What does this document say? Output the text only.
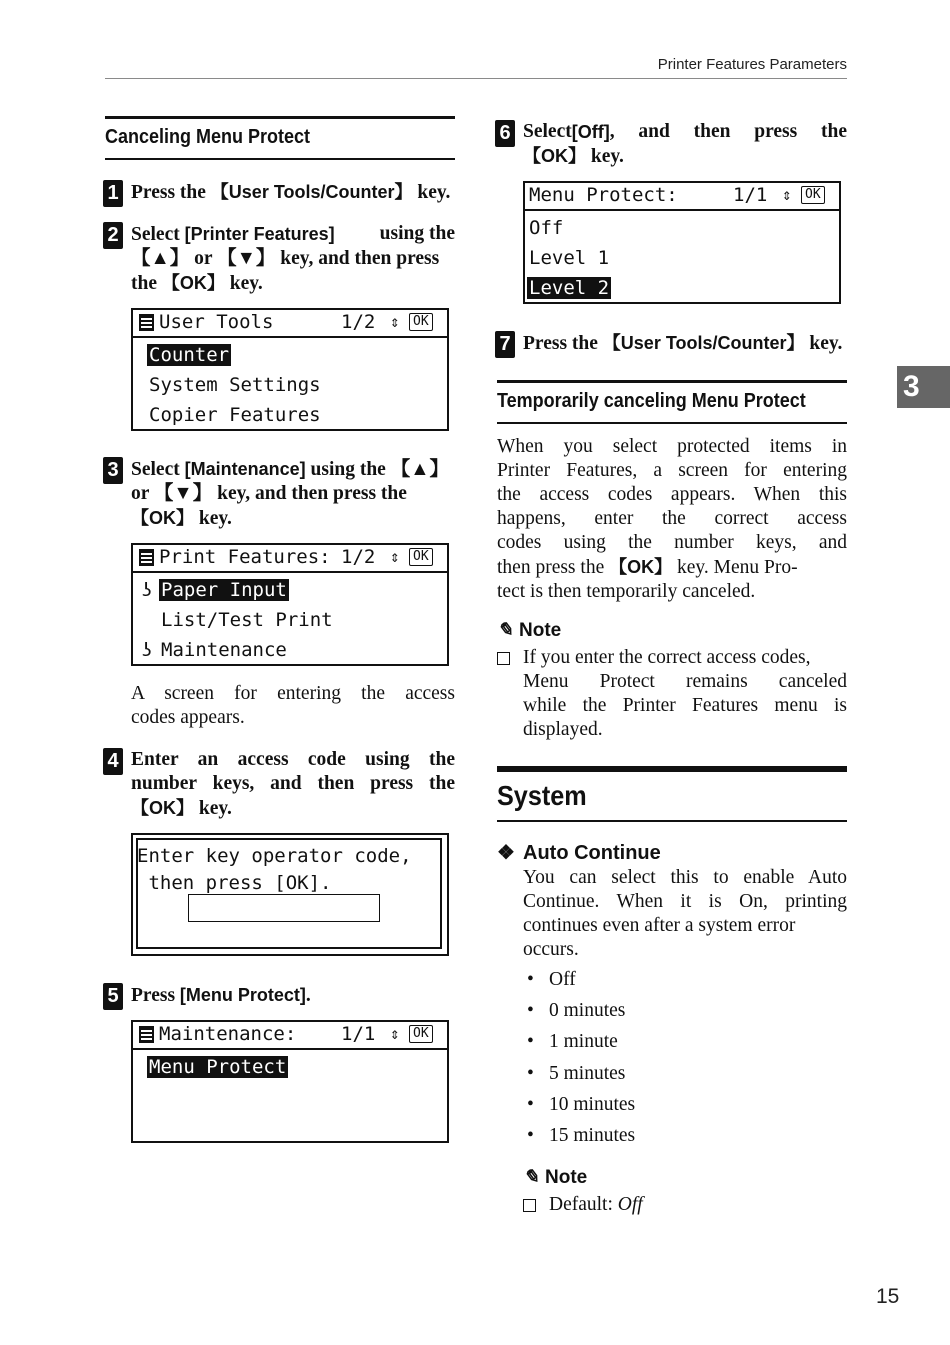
Printer Features Parameters
3
Canceling Menu Protect
1 Press the 【User Tools/Counter】 key.
2 Select [Printer Features] using the
【▲】 or 【▼】 key, and then press
the 【OK】 key.
User Tools	1/2 ⇕	OK
Counter
System Settings
Copier Features
3 Select [Maintenance] using the 【▲】
or 【▼】 key, and then press the
【OK】 key.
Print Features: 1/2 ⇕	OK
ʖ Paper Input
List/Test Print
ʖ Maintenance
A screen for entering the access
codes appears.
4 Enter an access code using the
number keys, and then press the
【OK】 key.
Enter key operator code,
then press [OK].
5 Press [Menu Protect].
Maintenance: 1/1 ⇕	OK
Menu Protect
6 Select [Off] , and then press the
【OK】 key.
Menu Protect:	1/1 ⇕	OK
Off
Level 1
Level 2
7 Press the 【User Tools/Counter】 key.
Temporarily canceling Menu Protect
When you select protected items in
Printer Features, a screen for entering
the access codes appears. When this
happens, enter the correct access
codes using the number keys, and
then press the 【OK】 key. Menu Pro-
tect is then temporarily canceled.
✎ Note
If you enter the correct access codes,
Menu Protect remains canceled
while the Printer Features menu is
displayed.
System
❖ Auto Continue
You can select this to enable Auto
Continue. When it is On, printing
continues even after a system error
occurs.
• Off
• 0 minutes
• 1 minute
• 5 minutes
• 10 minutes
• 15 minutes
✎ Note
Default: Off
15
